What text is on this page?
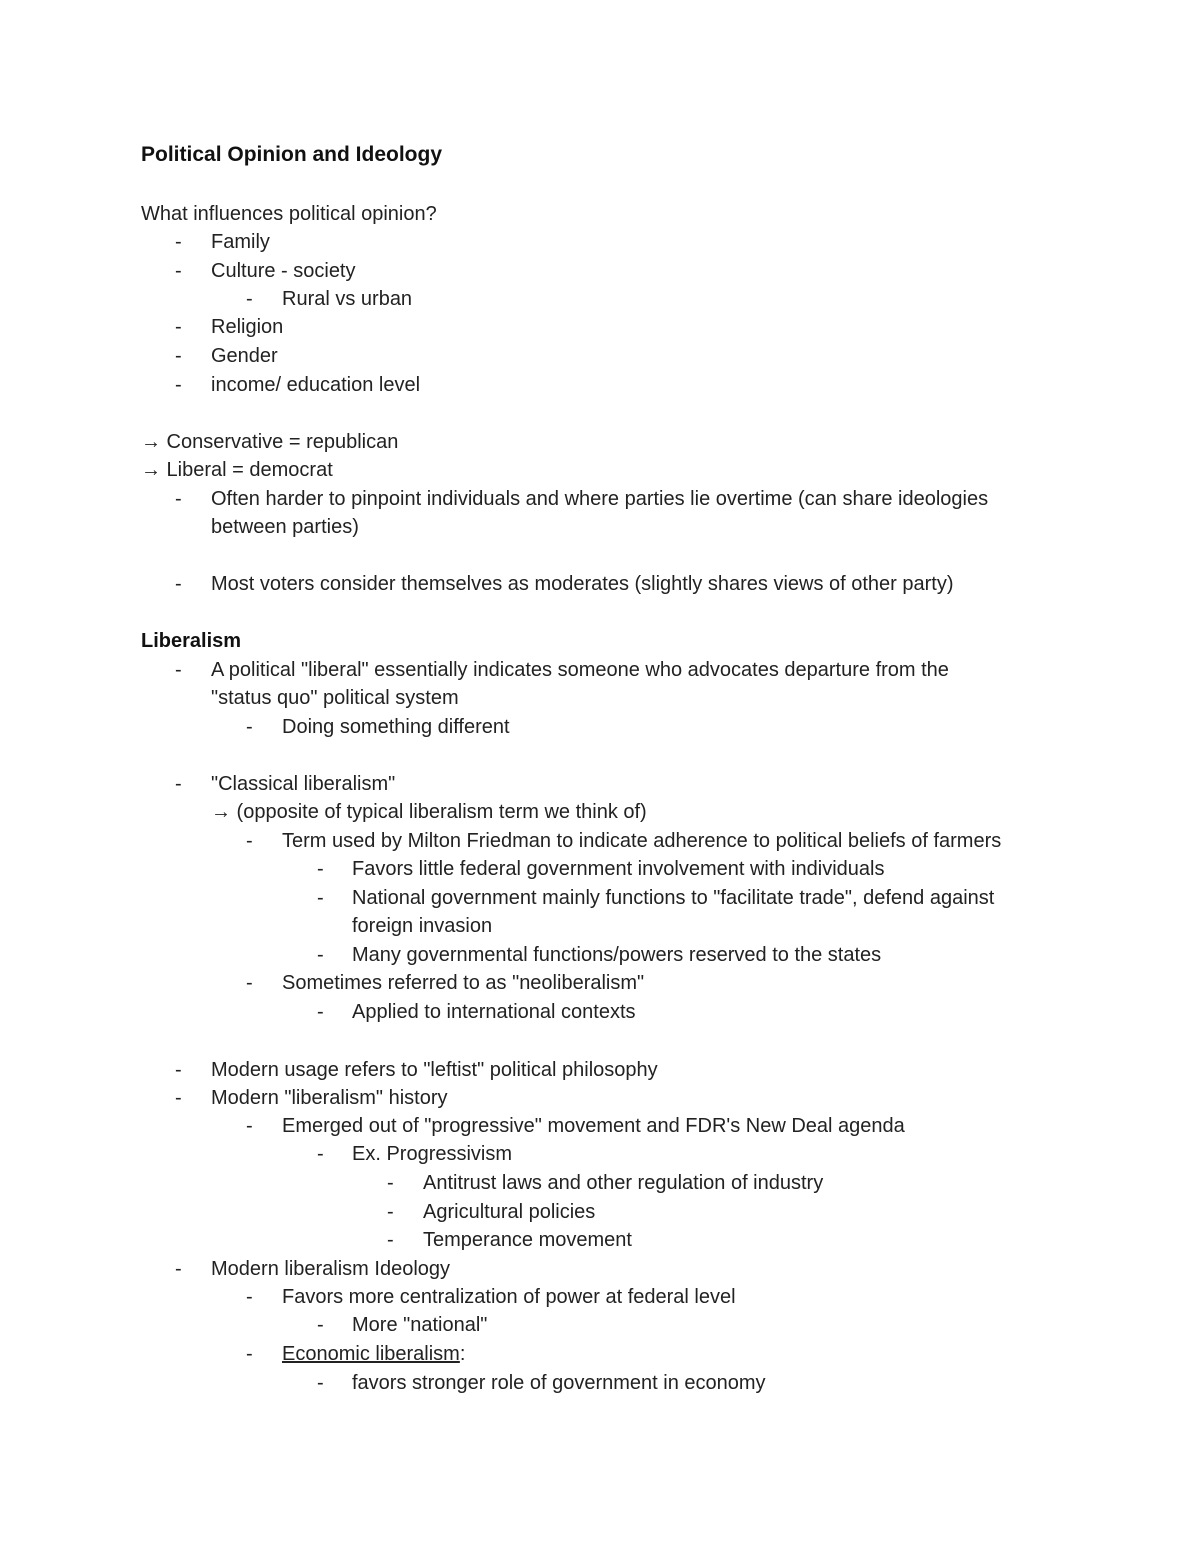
Political Opinion and Ideology
What influences political opinion?
- Family
- Culture - society
- Rural vs urban
- Religion
- Gender
- income/ education level
→ Conservative = republican
→ Liberal = democrat
- Often harder to pinpoint individuals and where parties lie overtime (can share ideologies
between parties)
- Most voters consider themselves as moderates (slightly shares views of other party)
Liberalism
- A political "liberal" essentially indicates someone who advocates departure from the
"status quo" political system
- Doing something different
- "Classical liberalism"
→ (opposite of typical liberalism term we think of)
- Term used by Milton Friedman to indicate adherence to political beliefs of farmers
- Favors little federal government involvement with individuals
- National government mainly functions to "facilitate trade", defend against
foreign invasion
- Many governmental functions/powers reserved to the states
- Sometimes referred to as "neoliberalism"
- Applied to international contexts
- Modern usage refers to "leftist" political philosophy
- Modern "liberalism" history
- Emerged out of "progressive" movement and FDR's New Deal agenda
- Ex. Progressivism
- Antitrust laws and other regulation of industry
- Agricultural policies
- Temperance movement
- Modern liberalism Ideology
- Favors more centralization of power at federal level
- More "national"
- Economic liberalism:
- favors stronger role of government in economy
